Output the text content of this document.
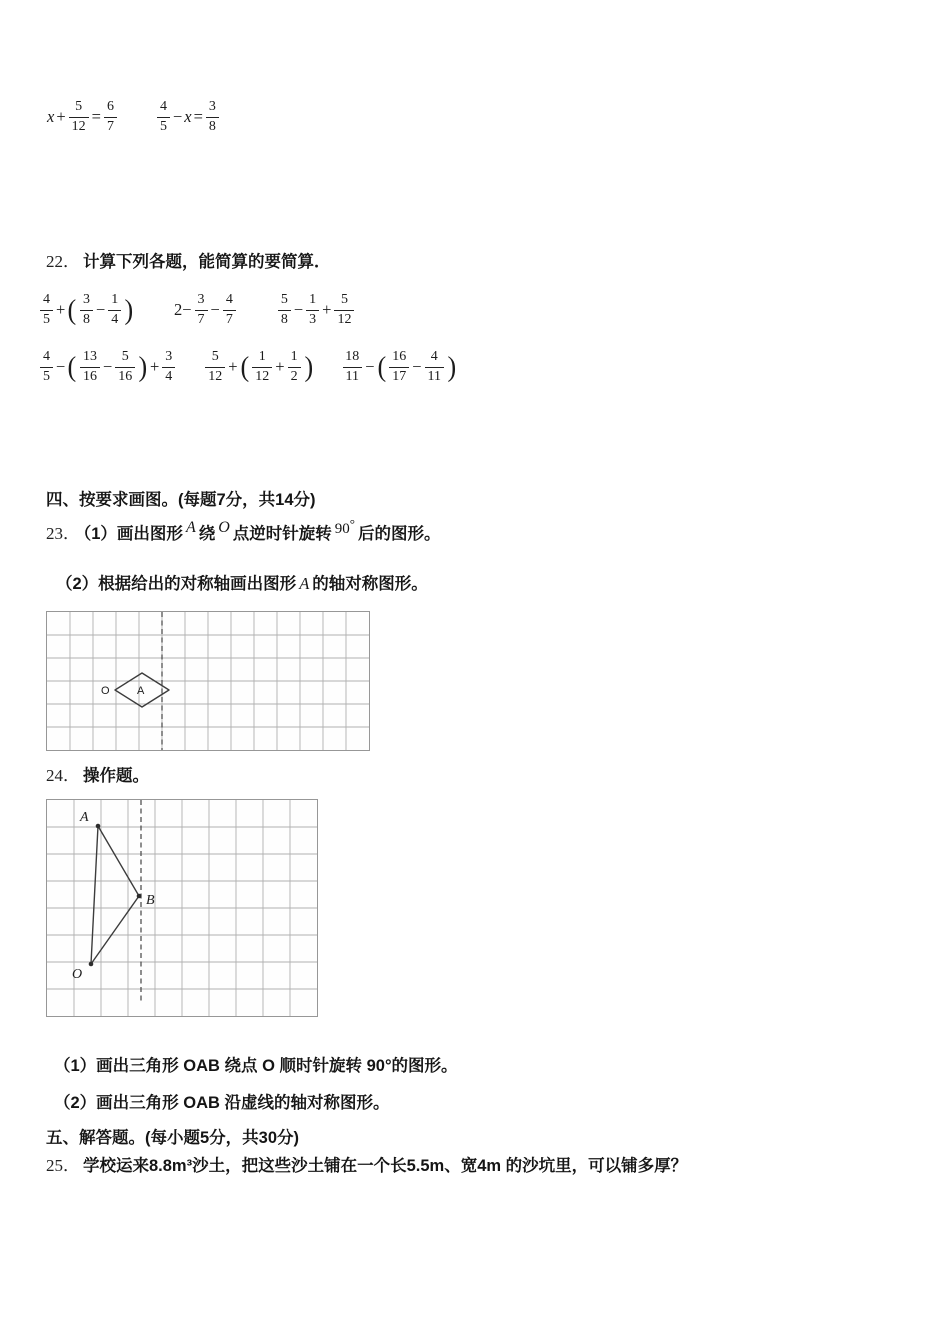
$x + \frac{5}{12} = \frac{6}{7}$	$\frac{4}{5} - x = \frac{3}{8}$
22． 计算下列各题，能简算的要简算．
$\frac{4}{5}$ + ( $\frac{3}{8} - \frac{1}{4}$ ) $2- \frac{3}{7} - \frac{4}{7}$	$\frac{5}{8} - \frac{1}{3} + \frac{5}{12}$
$\frac{4}{5}$ − ( $\frac{13}{16} - \frac{5}{16}$ ) + $\frac{3}{4} \frac{5}{12}$ + ( $\frac{1}{12} + \frac{1}{2}$ ) $\frac{18}{11}$ − ( $\frac{16}{17} - \frac{4}{11}$ )
四、按要求画图。(每题7分，共14分)
23． （1）画出图形 A 绕 O 点逆时针旋转 90°后的图形。
（2）根据给出的对称轴画出图形 A 的轴对称图形。
O A
24． 操作题。
A
B
O
（1）画出三角形 OAB 绕点 O 顺时针旋转 90°的图形。
（2）画出三角形 OAB 沿虚线的轴对称图形。
五、解答题。(每小题5分，共30分)
25． 学校运来8.8m³沙土，把这些沙土铺在一个长5.5m、宽4m 的沙坑里，可以铺多厚？
